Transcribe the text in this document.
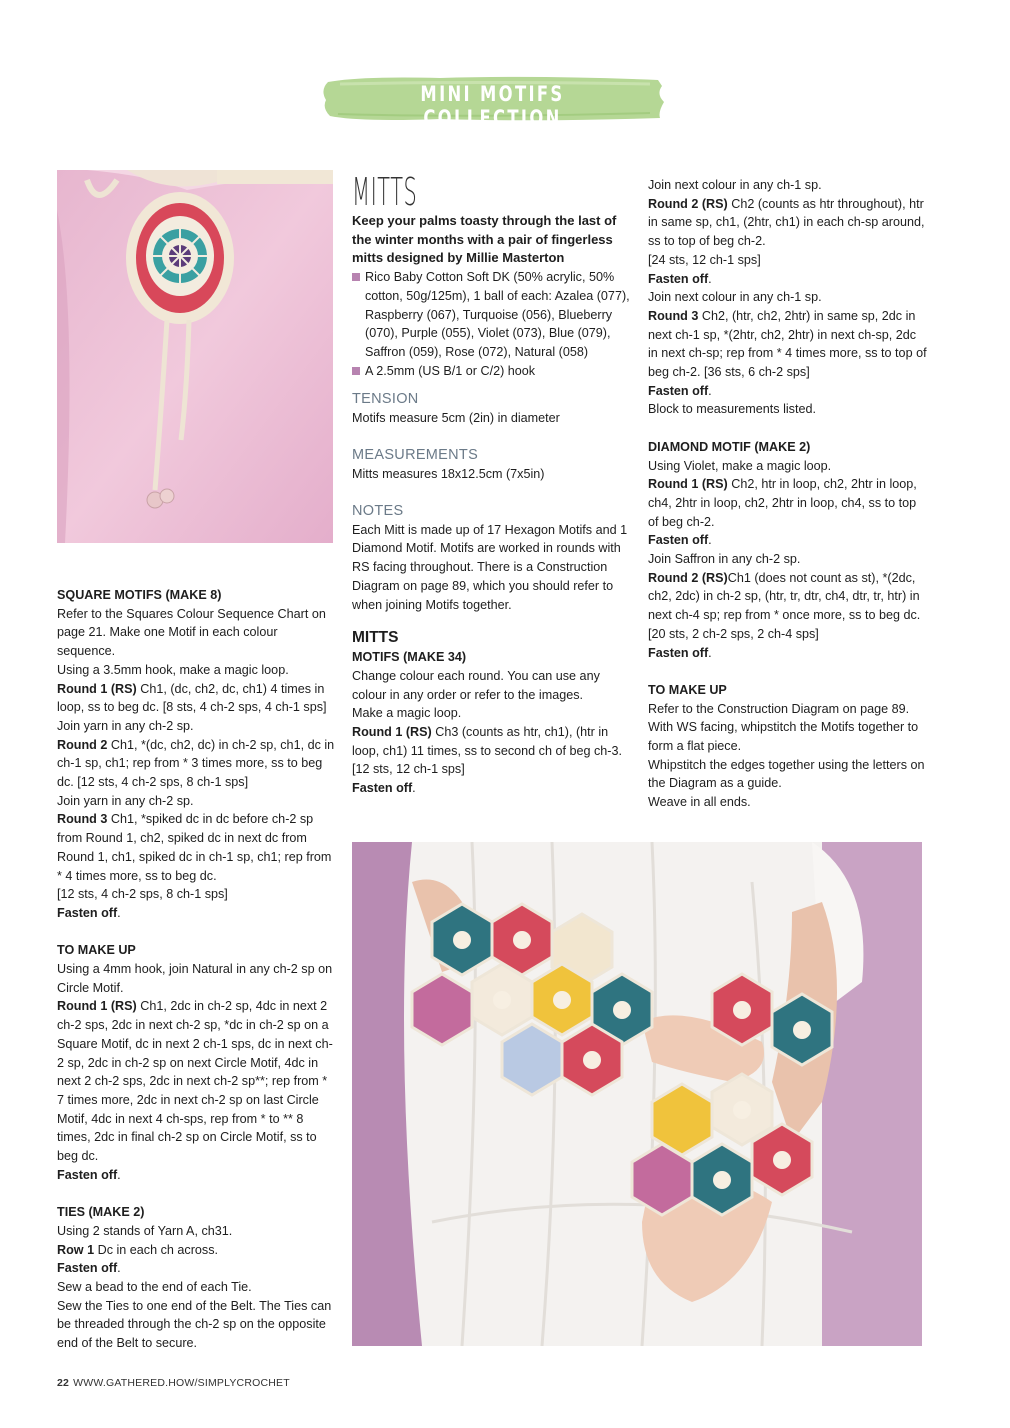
MINI MOTIFS COLLECTION

SQUARE MOTIFS (MAKE 8)

Refer to the Squares Colour Sequence Chart on page 21. Make one Motif in each colour sequence.

Using a 3.5mm hook, make a magic loop.

Round 1 (RS) Ch1, (dc, ch2, dc, ch1) 4 times in loop, ss to beg dc. [8 sts, 4 ch-2 sps, 4 ch-1 sps]

Join yarn in any ch-2 sp.

Round 2 Ch1, *(dc, ch2, dc) in ch-2 sp, ch1, dc in ch-1 sp, ch1; rep from * 3 times more, ss to beg dc. [12 sts, 4 ch-2 sps, 8 ch-1 sps]

Join yarn in any ch-2 sp.

Round 3 Ch1, *spiked dc in dc before ch-2 sp from Round 1, ch2, spiked dc in next dc from Round 1, ch1, spiked dc in ch-1 sp, ch1; rep from * 4 times more, ss to beg dc.

[12 sts, 4 ch-2 sps, 8 ch-1 sps]

Fasten off.

TO MAKE UP

Using a 4mm hook, join Natural in any ch-2 sp on Circle Motif.

Round 1 (RS) Ch1, 2dc in ch-2 sp, 4dc in next 2 ch-2 sps, 2dc in next ch-2 sp, *dc in ch-2 sp on a Square Motif, dc in next 2 ch-1 sps, dc in next ch-2 sp, 2dc in ch-2 sp on next Circle Motif, 4dc in next 2 ch-2 sps, 2dc in next ch-2 sp**; rep from * 7 times more, 2dc in next ch-2 sp on last Circle Motif, 4dc in next 4 ch-sps, rep from * to ** 8 times, 2dc in final ch-2 sp on Circle Motif, ss to beg dc.

Fasten off.

TIES (MAKE 2)

Using 2 stands of Yarn A, ch31.

Row 1 Dc in each ch across.

Fasten off.

Sew a bead to the end of each Tie.

Sew the Ties to one end of the Belt. The Ties can be threaded through the ch-2 sp on the opposite end of the Belt to secure.

MITTS

Keep your palms toasty through the last of the winter months with a pair of fingerless mitts designed by Millie Masterton

Rico Baby Cotton Soft DK (50% acrylic, 50% cotton, 50g/125m), 1 ball of each: Azalea (077), Raspberry (067), Turquoise (056), Blueberry (070), Purple (055), Violet (073), Blue (079), Saffron (059), Rose (072), Natural (058)

A 2.5mm (US B/1 or C/2) hook

TENSION

Motifs measure 5cm (2in) in diameter

MEASUREMENTS

Mitts measures 18x12.5cm (7x5in)

NOTES

Each Mitt is made up of 17 Hexagon Motifs and 1 Diamond Motif. Motifs are worked in rounds with RS facing throughout. There is a Construction Diagram on page 89, which you should refer to when joining Motifs together.

MITTS

MOTIFS (MAKE 34)

Change colour each round. You can use any colour in any order or refer to the images.

Make a magic loop.

Round 1 (RS) Ch3 (counts as htr, ch1), (htr in loop, ch1) 11 times, ss to second ch of beg ch-3.

[12 sts, 12 ch-1 sps]

Fasten off.

Join next colour in any ch-1 sp.

Round 2 (RS) Ch2 (counts as htr throughout), htr in same sp, ch1, (2htr, ch1) in each ch-sp around, ss to top of beg ch-2.

[24 sts, 12 ch-1 sps]

Fasten off.

Join next colour in any ch-1 sp.

Round 3 Ch2, (htr, ch2, 2htr) in same sp, 2dc in next ch-1 sp, *(2htr, ch2, 2htr) in next ch-sp, 2dc in next ch-sp; rep from * 4 times more, ss to top of beg ch-2. [36 sts, 6 ch-2 sps]

Fasten off.

Block to measurements listed.

DIAMOND MOTIF (MAKE 2)

Using Violet, make a magic loop.

Round 1 (RS) Ch2, htr in loop, ch2, 2htr in loop, ch4, 2htr in loop, ch2, 2htr in loop, ch4, ss to top of beg ch-2.

Fasten off.

Join Saffron in any ch-2 sp.

Round 2 (RS)Ch1 (does not count as st), *(2dc, ch2, 2dc) in ch-2 sp, (htr, tr, dtr, ch4, dtr, tr, htr) in next ch-4 sp; rep from * once more, ss to beg dc. [20 sts, 2 ch-2 sps, 2 ch-4 sps]

Fasten off.

TO MAKE UP

Refer to the Construction Diagram on page 89.

With WS facing, whipstitch the Motifs together to form a flat piece.

Whipstitch the edges together using the letters on the Diagram as a guide.

Weave in all ends.

22 WWW.GATHERED.HOW/SIMPLYCROCHET
